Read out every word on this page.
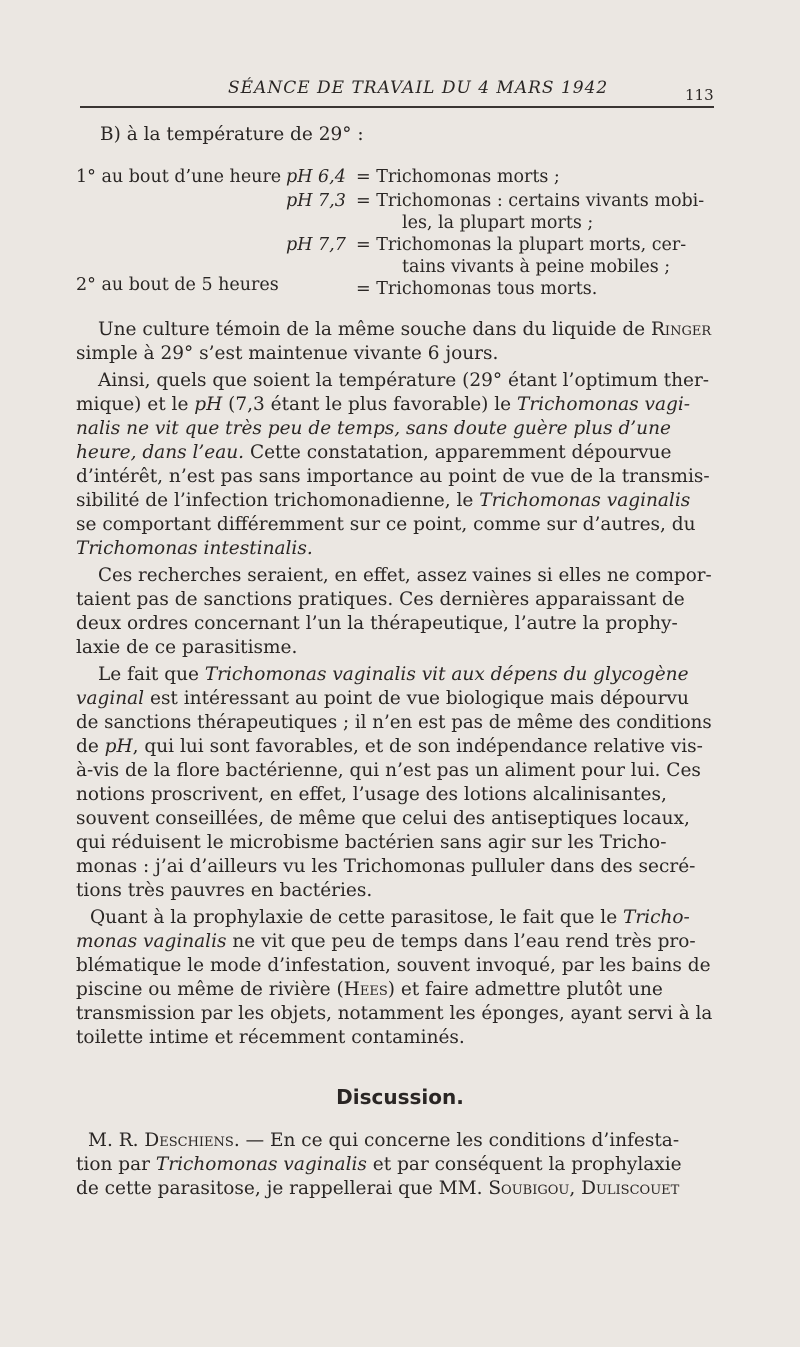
SÉANCE DE TRAVAIL DU 4 MARS 1942	113
B) à la température de 29° :
1° au bout d’une heure pH 6,4 = Trichomonas morts ;
pH 7,3 = Trichomonas : certains vivants mobi-
les, la plupart morts ;
pH 7,7 = Trichomonas la plupart morts, cer-
tains vivants à peine mobiles ;
2° au bout de 5 heures	= Trichomonas tous morts.
Une culture témoin de la même souche dans du liquide de Ringer
simple à 29° s’est maintenue vivante 6 jours.
Ainsi, quels que soient la température (29° étant l’optimum ther-
mique) et le pH (7,3 étant le plus favorable) le Trichomonas vagi-
nalis ne vit que très peu de temps, sans doute guère plus d’une
heure, dans l’eau. Cette constatation, apparemment dépourvue
d’intérêt, n’est pas sans importance au point de vue de la transmis-
sibilité de l’infection trichomonadienne, le Trichomonas vaginalis
se comportant différemment sur ce point, comme sur d’autres, du
Trichomonas intestinalis.
Ces recherches seraient, en effet, assez vaines si elles ne compor-
taient pas de sanctions pratiques. Ces dernières apparaissant de
deux ordres concernant l’un la thérapeutique, l’autre la prophy-
laxie de ce parasitisme.
Le fait que Trichomonas vaginalis vit aux dépens du glycogène
vaginal est intéressant au point de vue biologique mais dépourvu
de sanctions thérapeutiques ; il n’en est pas de même des conditions
de pH, qui lui sont favorables, et de son indépendance relative vis-
à-vis de la flore bactérienne, qui n’est pas un aliment pour lui. Ces
notions proscrivent, en effet, l’usage des lotions alcalinisantes,
souvent conseillées, de même que celui des antiseptiques locaux,
qui réduisent le microbisme bactérien sans agir sur les Tricho-
monas : j’ai d’ailleurs vu les Trichomonas pulluler dans des secré-
tions très pauvres en bactéries.
Quant à la prophylaxie de cette parasitose, le fait que le Tricho-
monas vaginalis ne vit que peu de temps dans l’eau rend très pro-
blématique le mode d’infestation, souvent invoqué, par les bains de
piscine ou même de rivière (Hees) et faire admettre plutôt une
transmission par les objets, notamment les éponges, ayant servi à la
toilette intime et récemment contaminés.
Discussion.
M. R. Deschiens. — En ce qui concerne les conditions d’infesta-
tion par Trichomonas vaginalis et par conséquent la prophylaxie
de cette parasitose, je rappellerai que MM. Soubigou, Duliscouet
